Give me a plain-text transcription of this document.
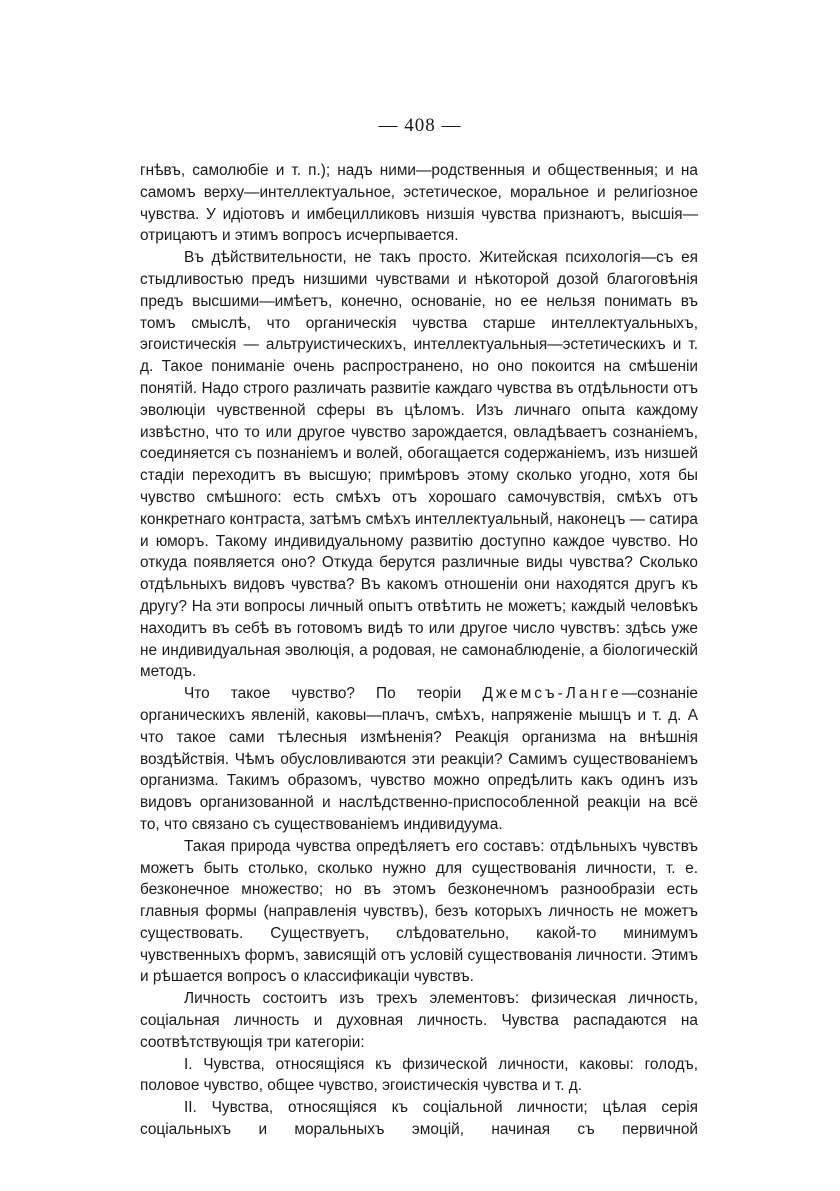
— 408 —

гнѣвъ, самолюбіе и т. п.); надъ ними—родственныя и общественныя; и на самомъ верху—интеллектуальное, эстетическое, моральное и религіозное чувства. У идіотовъ и имбецилликовъ низшія чувства признаютъ, высшія—отрицаютъ и этимъ вопросъ исчерпывается.

Въ дѣйствительности, не такъ просто. Житейская психологія—съ ея стыдливостью предъ низшими чувствами и нѣкоторой дозой благоговѣнія предъ высшими—имѣетъ, конечно, основаніе, но ее нельзя понимать въ томъ смыслѣ, что органическія чувства старше интеллектуальныхъ, эгоистическія — альтруистическихъ, интеллектуальныя—эстетическихъ и т. д. Такое пониманіе очень распространено, но оно покоится на смѣшеніи понятій. Надо строго различать развитіе каждаго чувства въ отдѣльности отъ эволюціи чувственной сферы въ цѣломъ. Изъ личнаго опыта каждому извѣстно, что то или другое чувство зарождается, овладѣваетъ сознаніемъ, соединяется съ познаніемъ и волей, обогащается содержаніемъ, изъ низшей стадіи переходитъ въ высшую; примѣровъ этому сколько угодно, хотя бы чувство смѣшного: есть смѣхъ отъ хорошаго самочувствія, смѣхъ отъ конкретнаго контраста, затѣмъ смѣхъ интеллектуальный, наконецъ — сатира и юморъ. Такому индивидуальному развитію доступно каждое чувство. Но откуда появляется оно? Откуда берутся различные виды чувства? Сколько отдѣльныхъ видовъ чувства? Въ какомъ отношеніи они находятся другъ къ другу? На эти вопросы личный опытъ отвѣтить не можетъ; каждый человѣкъ находитъ въ себѣ въ готовомъ видѣ то или другое число чувствъ: здѣсь уже не индивидуальная эволюція, а родовая, не самонаблюденіе, а біологическій методъ.

Что такое чувство? По теоріи Джемсъ-Ланге—сознаніе органическихъ явленій, каковы—плачъ, смѣхъ, напряженіе мышцъ и т. д. А что такое сами тѣлесныя измѣненія? Реакція организма на внѣшнія воздѣйствія. Чѣмъ обусловливаются эти реакціи? Самимъ существованіемъ организма. Такимъ образомъ, чувство можно опредѣлить какъ одинъ изъ видовъ организованной и наслѣдственно-приспособленной реакціи на всё то, что связано съ существованіемъ индивидуума.

Такая природа чувства опредѣляетъ его составъ: отдѣльныхъ чувствъ можетъ быть столько, сколько нужно для существованія личности, т. е. безконечное множество; но въ этомъ безконечномъ разнообразіи есть главныя формы (направленія чувствъ), безъ которыхъ личность не можетъ существовать. Существуетъ, слѣдовательно, какой-то минимумъ чувственныхъ формъ, зависящій отъ условій существованія личности. Этимъ и рѣшается вопросъ о классификаціи чувствъ.

Личность состоитъ изъ трехъ элементовъ: физическая личность, соціальная личность и духовная личность. Чувства распадаются на соотвѣтствующія три категоріи:

I. Чувства, относящіяся къ физической личности, каковы: голодъ, половое чувство, общее чувство, эгоистическія чувства и т. д.

II. Чувства, относящіяся къ соціальной личности; цѣлая серія соціальныхъ и моральныхъ эмоцій, начиная съ первичной
